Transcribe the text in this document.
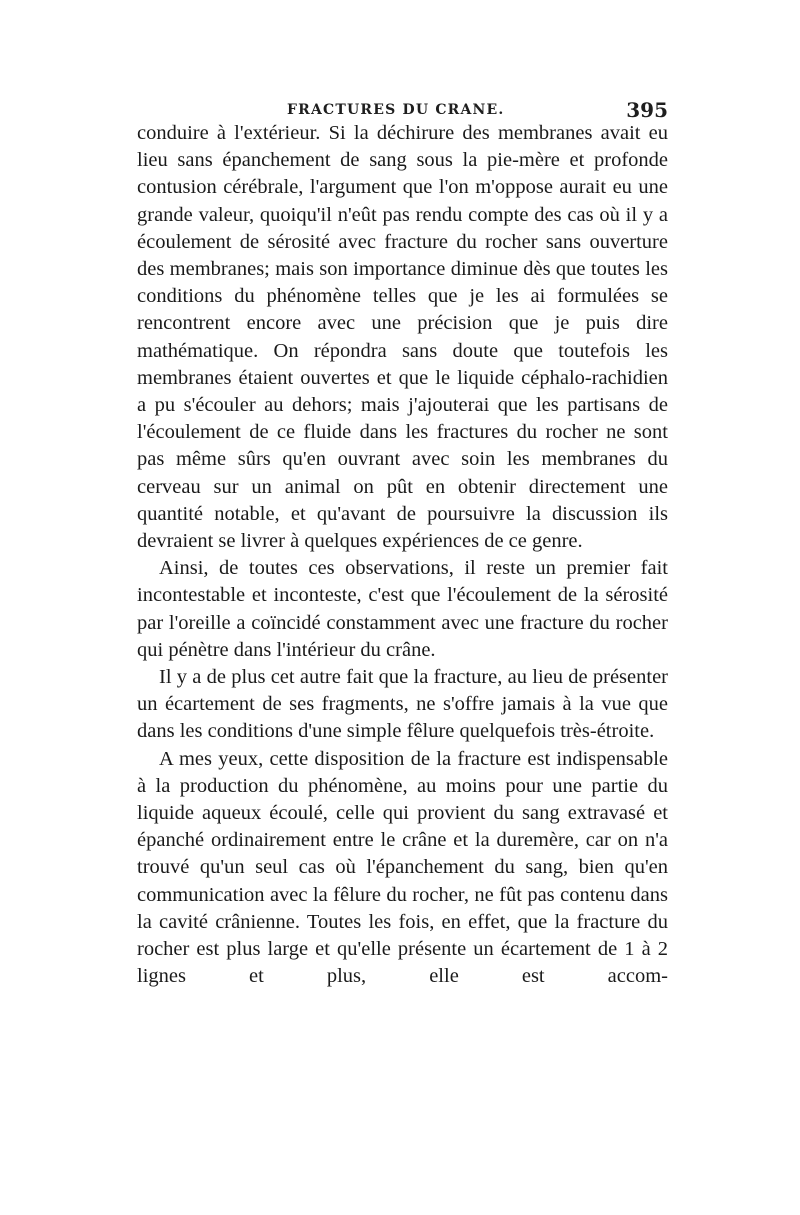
FRACTURES DU CRANE.	395

conduire à l'extérieur. Si la déchirure des membranes avait eu lieu sans épanchement de sang sous la pie-mère et profonde contusion cérébrale, l'argument que l'on m'oppose aurait eu une grande valeur, quoiqu'il n'eût pas rendu compte des cas où il y a écoulement de sérosité avec fracture du rocher sans ouverture des membranes; mais son importance diminue dès que toutes les conditions du phénomène telles que je les ai formulées se rencontrent encore avec une précision que je puis dire mathématique. On répondra sans doute que toutefois les membranes étaient ouvertes et que le liquide céphalo-rachidien a pu s'écouler au dehors; mais j'ajouterai que les partisans de l'écoulement de ce fluide dans les fractures du rocher ne sont pas même sûrs qu'en ouvrant avec soin les membranes du cerveau sur un animal on pût en obtenir directement une quantité notable, et qu'avant de poursuivre la discussion ils devraient se livrer à quelques expériences de ce genre.

Ainsi, de toutes ces observations, il reste un premier fait incontestable et inconteste, c'est que l'écoulement de la sérosité par l'oreille a coïncidé constamment avec une fracture du rocher qui pénètre dans l'intérieur du crâne.

Il y a de plus cet autre fait que la fracture, au lieu de présenter un écartement de ses fragments, ne s'offre jamais à la vue que dans les conditions d'une simple fêlure quelquefois très-étroite.

A mes yeux, cette disposition de la fracture est indispensable à la production du phénomène, au moins pour une partie du liquide aqueux écoulé, celle qui provient du sang extravasé et épanché ordinairement entre le crâne et la duremère, car on n'a trouvé qu'un seul cas où l'épanchement du sang, bien qu'en communication avec la fêlure du rocher, ne fût pas contenu dans la cavité crânienne. Toutes les fois, en effet, que la fracture du rocher est plus large et qu'elle présente un écartement de 1 à 2 lignes et plus, elle est accom-
